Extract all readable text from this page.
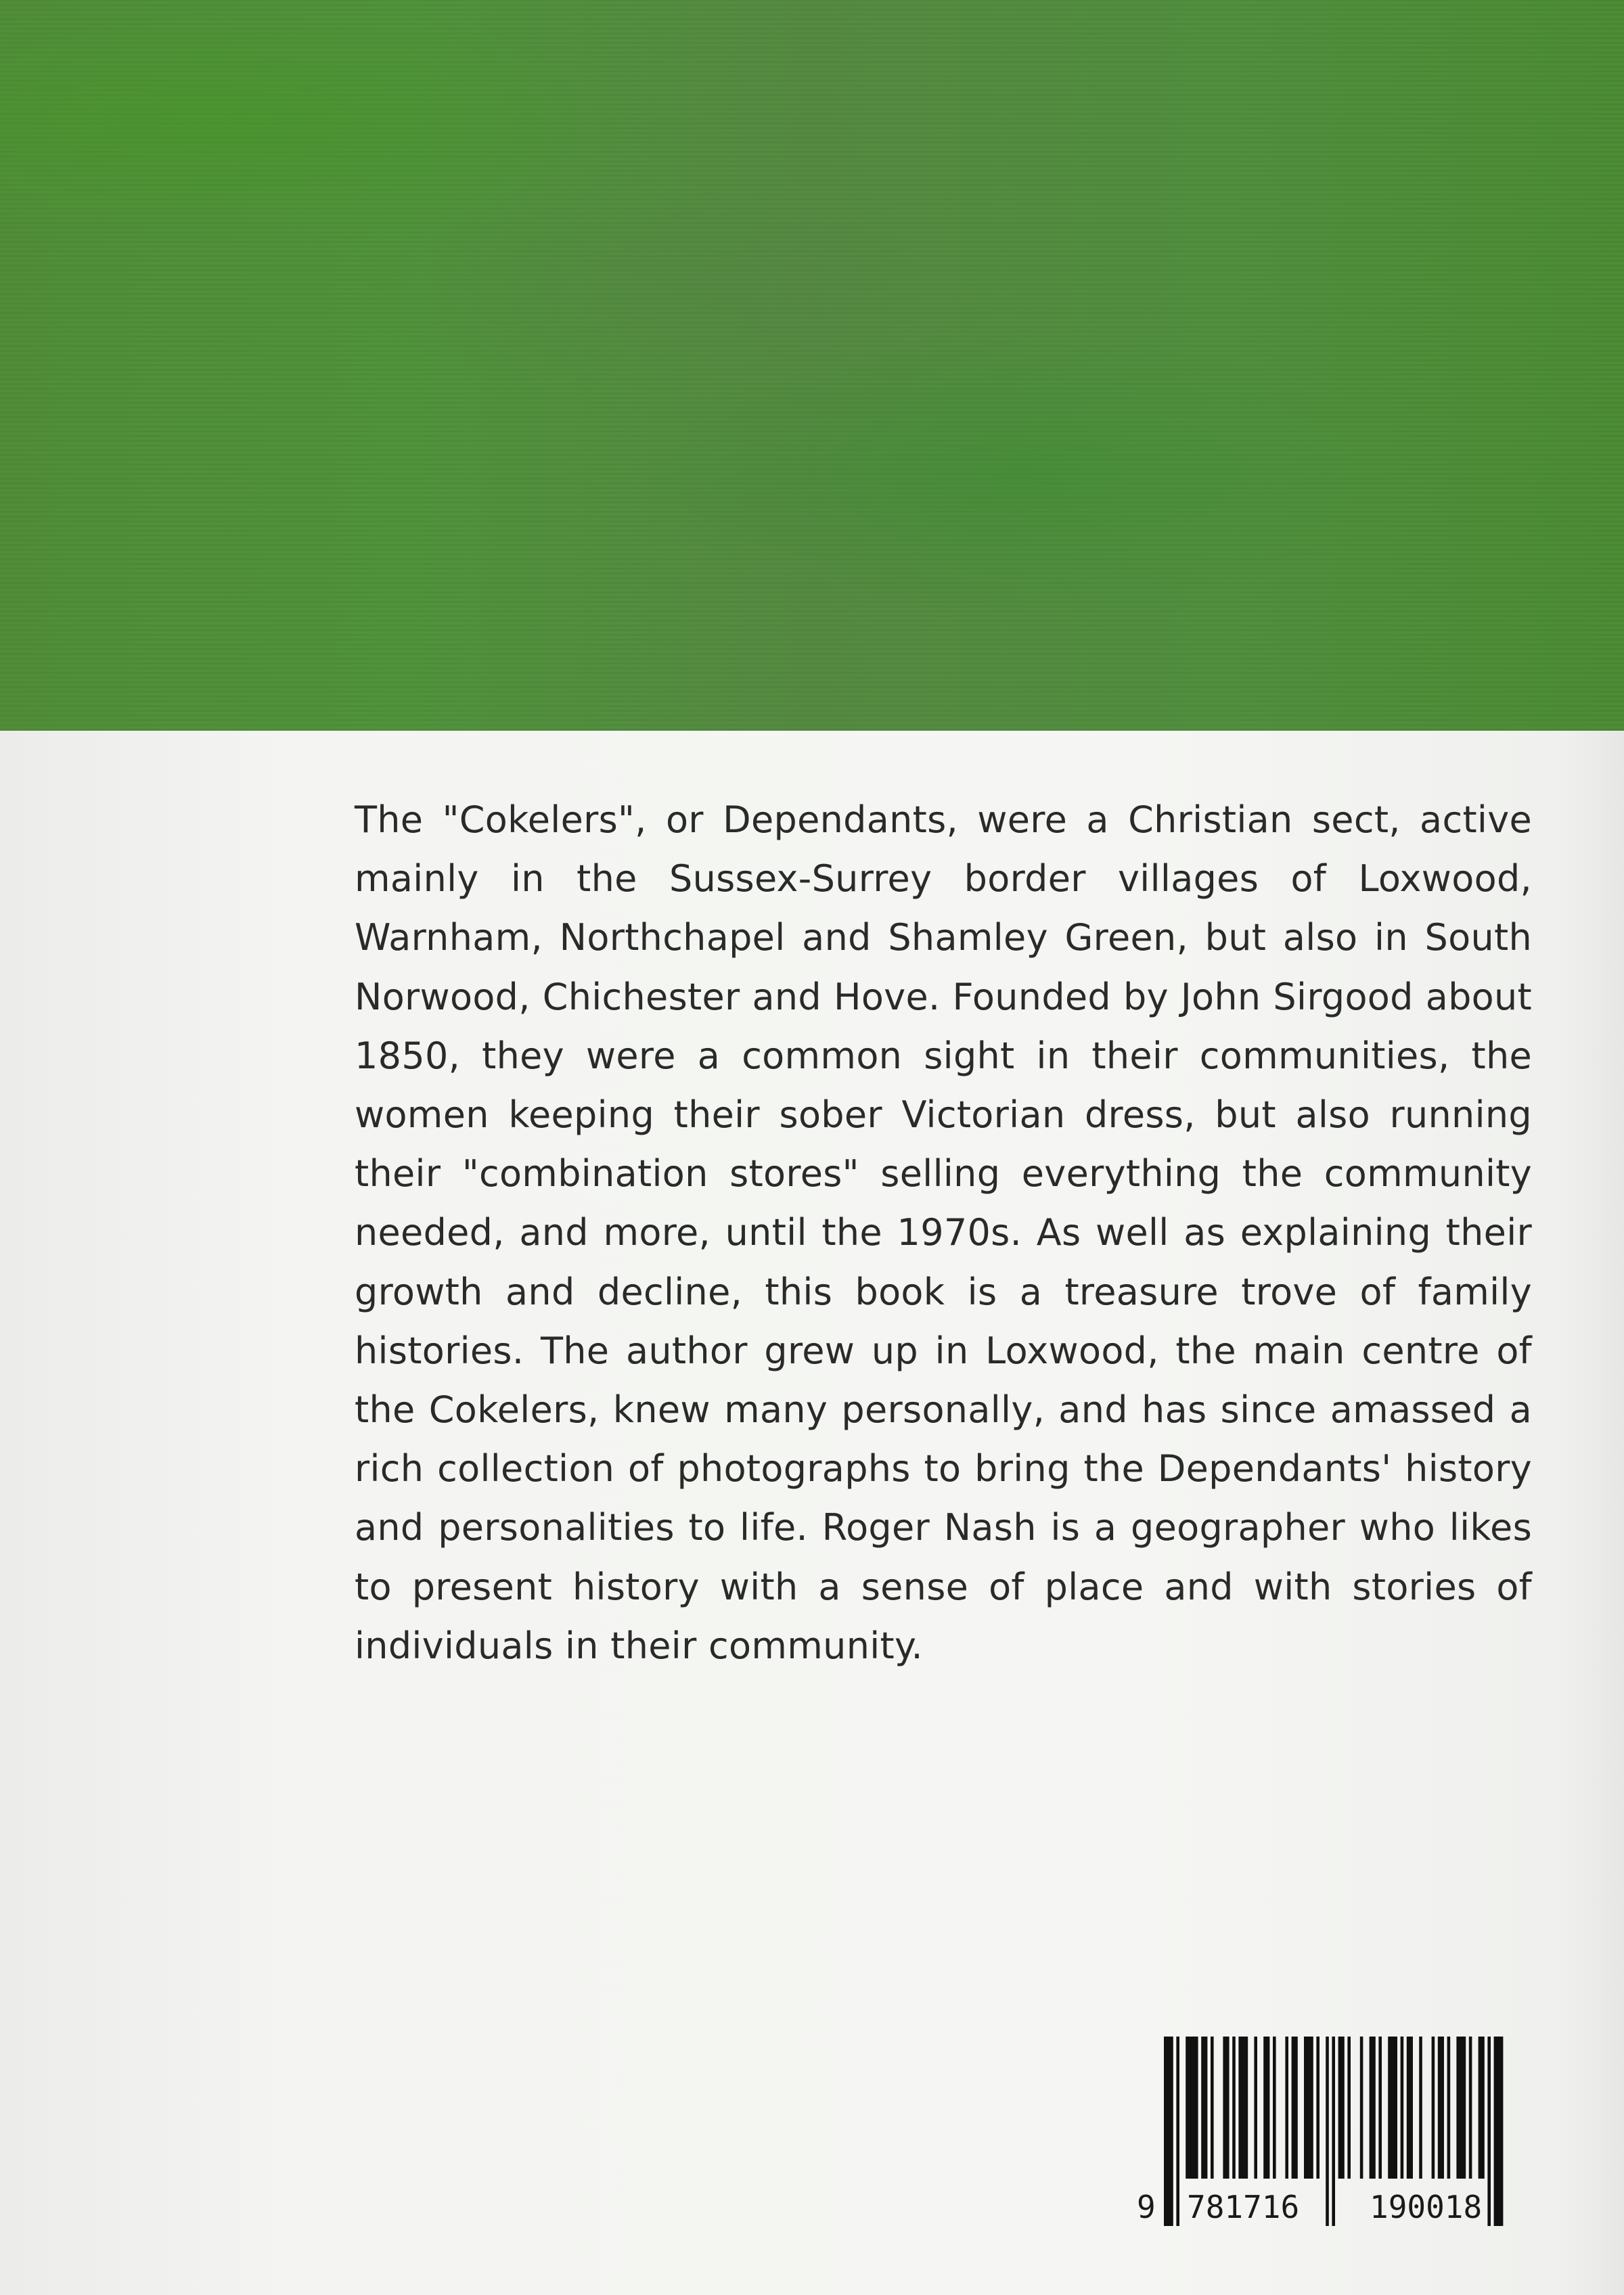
The "Cokelers", or Dependants, were a Christian sect, active mainly in the Sussex-Surrey border villages of Loxwood, Warnham, Northchapel and Shamley Green, but also in South Norwood, Chichester and Hove. Founded by John Sirgood about 1850, they were a common sight in their communities, the women keeping their sober Victorian dress, but also running their "combination stores" selling everything the community needed, and more, until the 1970s. As well as explaining their growth and decline, this book is a treasure trove of family histories. The author grew up in Loxwood, the main centre of the Cokelers, knew many personally, and has since amassed a rich collection of photographs to bring the Dependants' history and personalities to life. Roger Nash is a geographer who likes to present history with a sense of place and with stories of individuals in their community.

9 781716 190018
